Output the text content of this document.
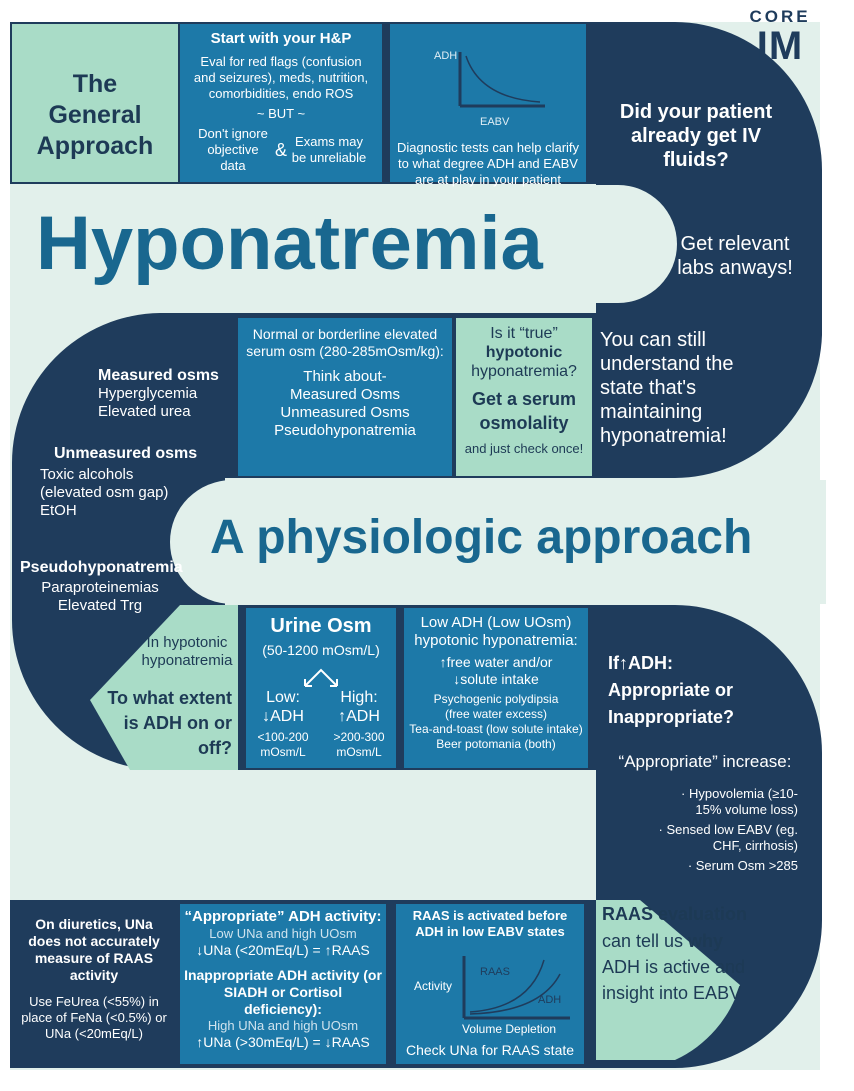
CORE
IM
The General Approach
Start with your H&P
Eval for red flags (confusion and seizures), meds, nutrition, comorbidities, endo ROS
~ BUT ~
Don't ignore objective data
& Exams may be unreliable
ADH
EABV
Diagnostic tests can help clarify to what degree ADH and EABV are at play in your patient
Did your patient already get IV fluids?
Get relevant labs anways!
You can still understand the state that's maintaining hyponatremia!
Hyponatremia
Normal or borderline elevated serum osm (280-285mOsm/kg):
Think about-
Measured Osms
Unmeasured Osms
Pseudohyponatremia
Is it “true”
hypotonic
hyponatremia?
Get a serum osmolality
and just check once!
Measured osms
Hyperglycemia
Elevated urea
Unmeasured osms
Toxic alcohols
(elevated osm gap)
EtOH
Pseudohyponatremia
Paraproteinemias
Elevated Trg
A physiologic approach
In hypotonic hyponatremia
To what extent is ADH on or off?
Urine Osm
(50-1200 mOsm/L)
Low:
↓ADH
<100-200 mOsm/L
High:
↑ADH
>200-300 mOsm/L
Low ADH (Low UOsm) hypotonic hyponatremia:
↑free water and/or
↓solute intake
Psychogenic polydipsia
(free water excess)
Tea-and-toast (low solute intake)
Beer potomania (both)
If↑ADH: Appropriate or Inappropriate?
“Appropriate” increase:
· Hypovolemia (≥10-15% volume loss)
· Sensed low EABV (eg. CHF, cirrhosis)
· Serum Osm >285
On diuretics, UNa does not accurately measure of RAAS activity
Use FeUrea (<55%) in place of FeNa (<0.5%) or UNa (<20mEq/L)
“Appropriate” ADH activity:
Low UNa and high UOsm
↓UNa (<20mEq/L) = ↑RAAS
Inappropriate ADH activity (or SIADH or Cortisol deficiency):
High UNa and high UOsm
↑UNa (>30mEq/L) = ↓RAAS
RAAS is activated before ADH in low EABV states
Activity
RAAS
ADH
Volume Depletion
Check UNa for RAAS state
RAAS evaluation
can tell us why ADH is active and insight into EABV
